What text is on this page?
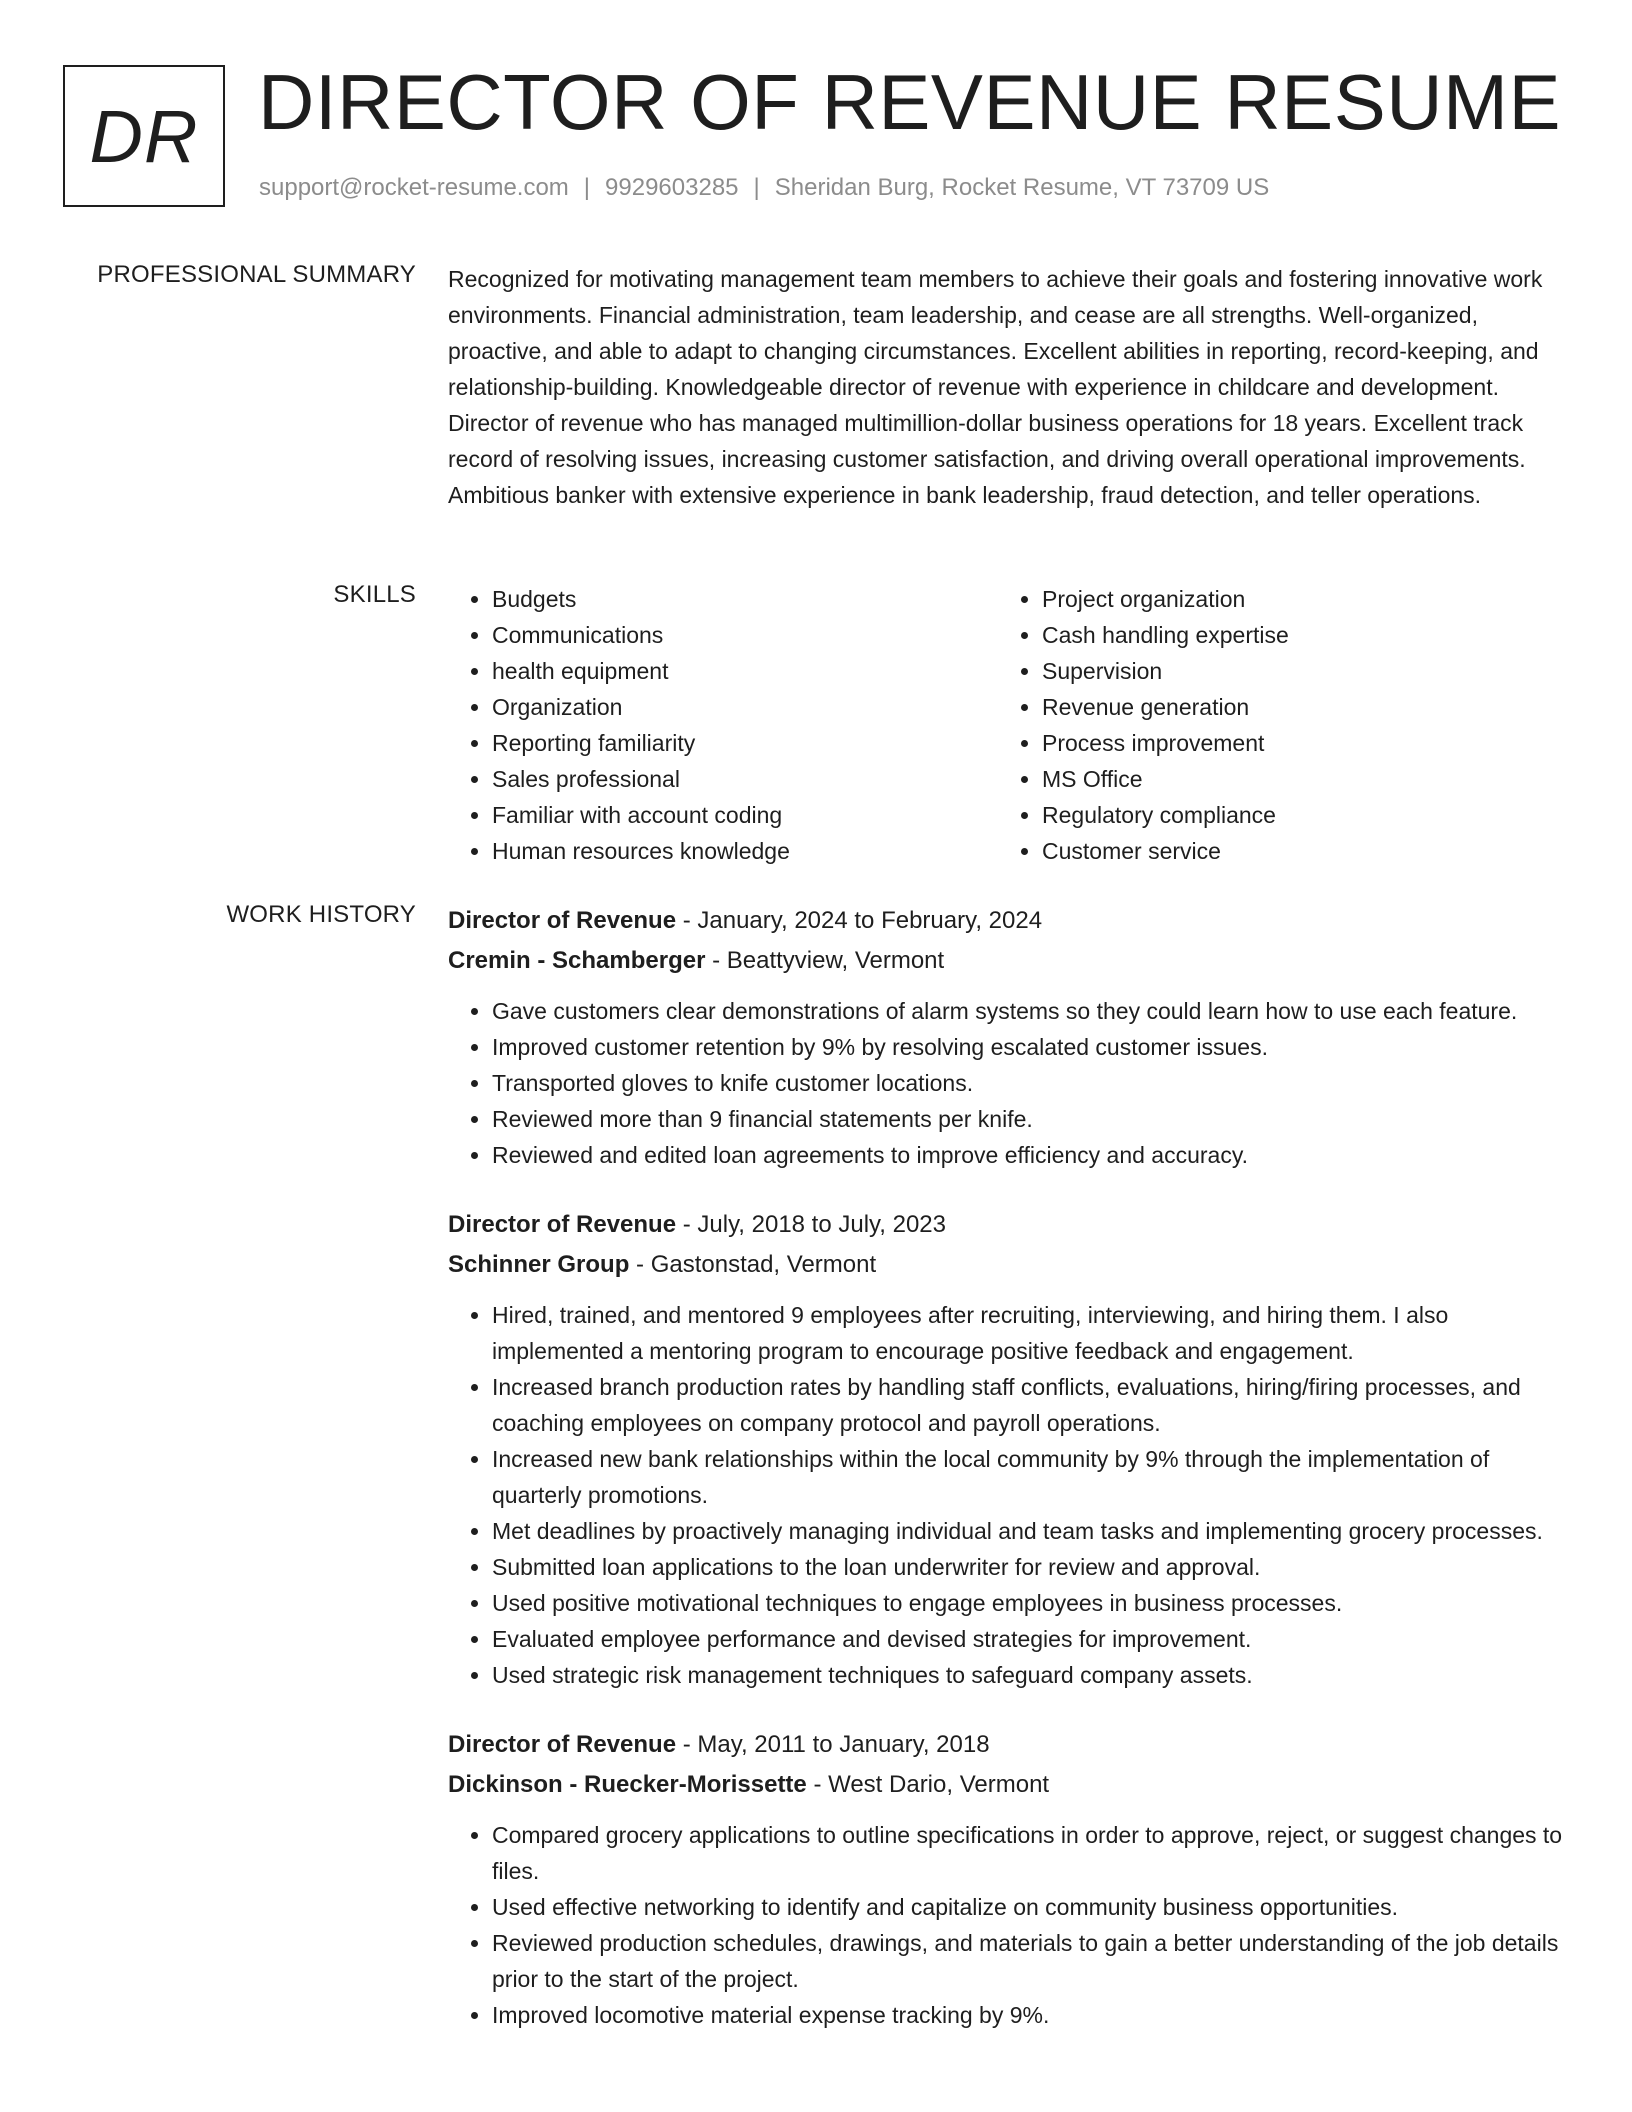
DR DIRECTOR OF REVENUE RESUME
support@rocket-resume.com | 9929603285 | Sheridan Burg, Rocket Resume, VT 73709 US
PROFESSIONAL SUMMARY Recognized for motivating management team members to achieve their goals and fostering innovative work environments. Financial administration, team leadership, and cease are all strengths. Well-organized, proactive, and able to adapt to changing circumstances. Excellent abilities in reporting, record-keeping, and relationship-building. Knowledgeable director of revenue with experience in childcare and development. Director of revenue who has managed multimillion-dollar business operations for 18 years. Excellent track record of resolving issues, increasing customer satisfaction, and driving overall operational improvements. Ambitious banker with extensive experience in bank leadership, fraud detection, and teller operations.

SKILLS
•	Budgets
• Communications
• health equipment
• Organization
• Reporting familiarity
• Sales professional
• Familiar with account coding
• Human resources knowledge
• Project organization
• Cash handling expertise
• Supervision
• Revenue generation
• Process improvement
• MS Office
• Regulatory compliance
• Customer service
WORK HISTORY Director of Revenue - January, 2024 to February, 2024
Cremin - Schamberger - Beattyview, Vermont
• Gave customers clear demonstrations of alarm systems so they could learn how to use each feature.
• Improved customer retention by 9% by resolving escalated customer issues.
• Transported gloves to knife customer locations.
• Reviewed more than 9 financial statements per knife.
• Reviewed and edited loan agreements to improve efficiency and accuracy.
Director of Revenue - July, 2018 to July, 2023
Schinner Group - Gastonstad, Vermont
• Hired, trained, and mentored 9 employees after recruiting, interviewing, and hiring them. I also implemented a mentoring program to encourage positive feedback and engagement.
• Increased branch production rates by handling staff conflicts, evaluations, hiring/firing processes, and coaching employees on company protocol and payroll operations.
• Increased new bank relationships within the local community by 9% through the implementation of quarterly promotions.
• Met deadlines by proactively managing individual and team tasks and implementing grocery processes.
• Submitted loan applications to the loan underwriter for review and approval.
• Used positive motivational techniques to engage employees in business processes.
• Evaluated employee performance and devised strategies for improvement.
• Used strategic risk management techniques to safeguard company assets.
Director of Revenue - May, 2011 to January, 2018
Dickinson - Ruecker-Morissette - West Dario, Vermont
• Compared grocery applications to outline specifications in order to approve, reject, or suggest changes to files.
• Used effective networking to identify and capitalize on community business opportunities.
• Reviewed production schedules, drawings, and materials to gain a better understanding of the job details prior to the start of the project.
• Improved locomotive material expense tracking by 9%.
